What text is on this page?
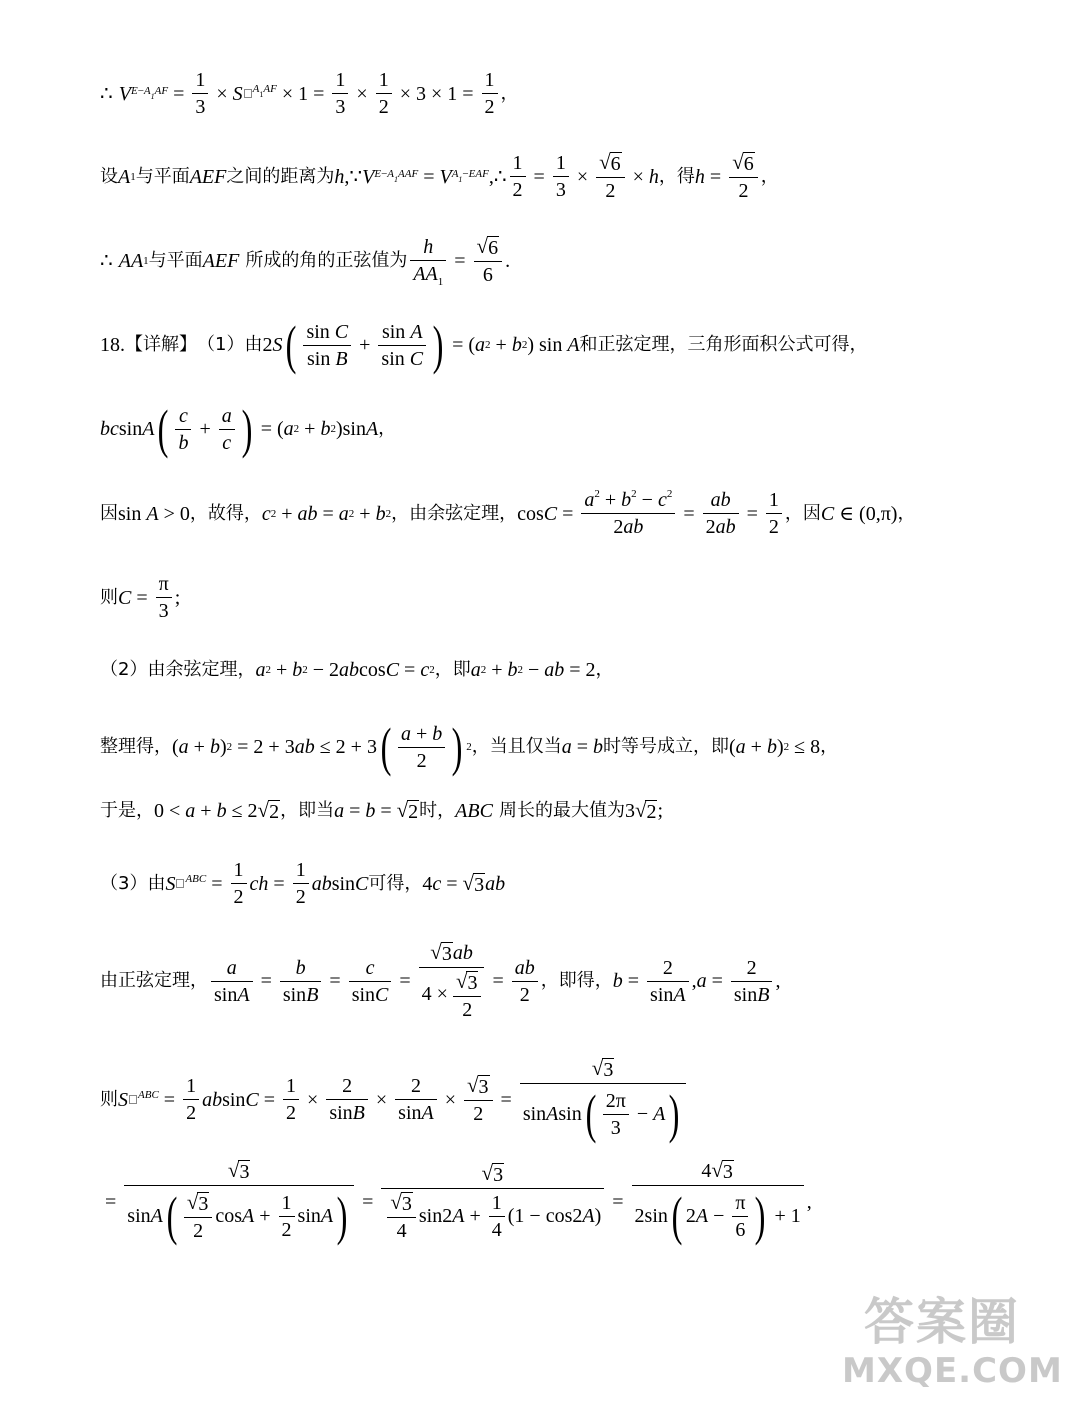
∴ V $E-A_1AF = \frac{1}{3} \times S$ $A_1AF \times 1 = \frac{1}{3} \times \frac{1}{2} \times 3 \times 1 = \frac{1}{2}$ ，
设 A 1 与平面 AEF 之间的距离为 h ,∵ V $E-A_1AAF = V$ $A_1-EAF$ ,∴ $\frac{1}{2} = \frac{1}{3} \times \frac{√ 6}{2} \times h$ ，得 $h = \frac{√ 6}{2}$ ，
∴ AA 1 与平面 AEF 所成的角的正弦值为 $\frac{h}{AA_1} = \frac{√ 6}{6}$ .
18. 【详解】 （1）由 2 S ( $\frac{\text{sin C}}{\text{sin B}} + \frac{\text{sin A}}{\text{sin C}}$ ) = ( a 2 + b 2 ) sin A 和正弦定理，三角形面积公式可得，
bc sin A ( $\frac{c}{b} + \frac{a}{c}$ ) = ( a 2 + b 2 ) sin A ，
因 sin A > 0 ，故得， c 2 + ab = a 2 + b 2 ，由余弦定理， $\cos C = \frac{a^2 + b^2 - c^2}{2ab} = \frac{ab}{2ab} = \frac{1}{2}$ ，因 C ∈ (0,π) ，
则 $C = \frac{\pi}{3}$ ;
（2）由余弦定理， a 2 + b 2 − 2 ab cos C = c 2 ，即 a 2 + b 2 − ab = 2 ，
整理得， ( a + b ) 2 = 2 + 3 ab ≤ 2 + 3 ( $\frac{a + b}{2}$ ) 2 ，当且仅当 a = b 时等号成立，即 ( a + b ) 2 ≤ 8 ，
于是， 0 < a + b ≤ 2 √ 2 ，即当 a = b = √ 2 时， ABC 周长的最大值为 3 √ 2 ;
（3）由 S ABC = $\frac{1}{2}$ ch = $\frac{1}{2}$ ab sin C 可得， 4 c = √ 3 ab
由正弦定理， $\frac{a}{\sin A} = \frac{b}{\sin B} = \frac{c}{\sin C} = \frac{√ 3 ab}{4 \times \frac{√ 3}{2}} = \frac{ab}{2}$ ，即得， $b = \frac{2}{\sin A}$ , $a = \frac{2}{\sin B}$ ,
则 S ABC = $\frac{1}{2}$ ab $\sin C = \frac{1}{2} \times \frac{2}{\sin B} \times \frac{2}{\sin A} \times \frac{√ 3}{2} = \frac{√ 3}{\sin A \sin ( \frac{2\pi}{3} - A )}$
= $\frac{√ 3}{\sin A ( \frac{√ 3}{2} \cos A + \frac{1}{2} \sin A )} = \frac{√ 3}{\frac{√ 3}{4} \sin 2 A + \frac{1}{4} (1 - \cos 2 A )} = \frac{4 √ 3}{2\sin ( 2 A - \frac{\pi}{6} ) + 1}$ ,
答案圈
MXQE.COM
